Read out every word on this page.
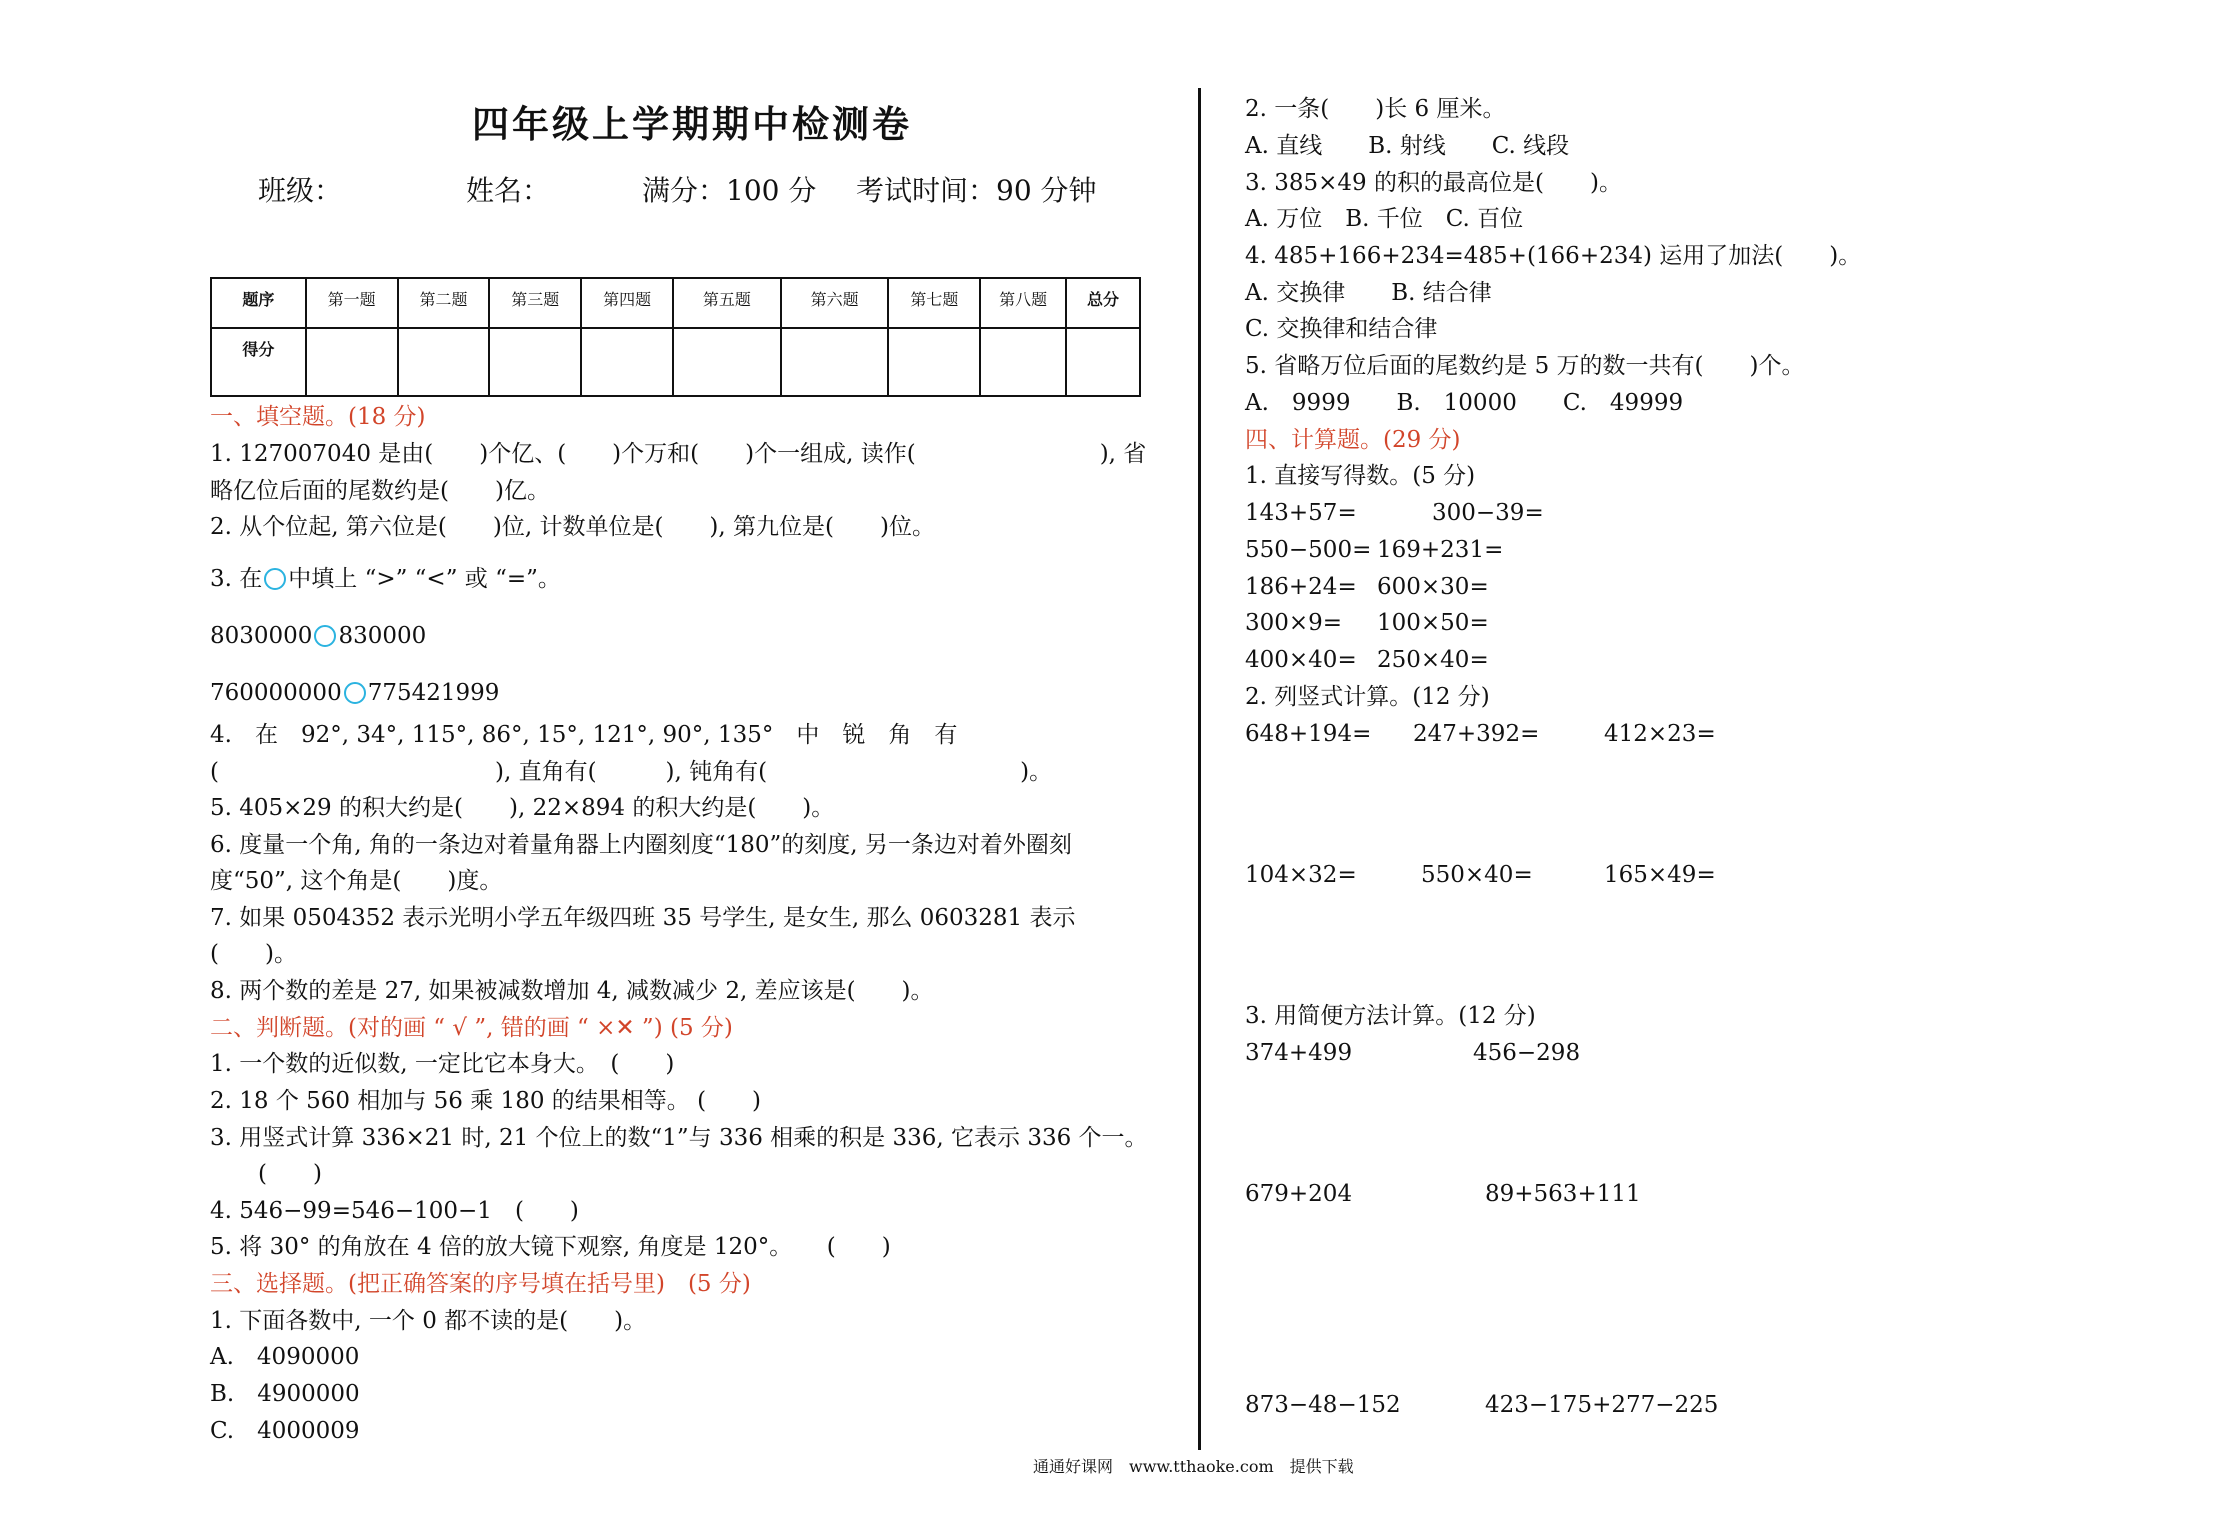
四年级上学期期中检测卷
班级：	姓名：	满分：100 分 考试时间：90 分钟
题序	第一题	第二题	第三题	第四题	第五题	第六题	第七题	第八题	总分
得分									
一、填空题。(18 分)
1. 127007040 是由(　　)个亿、(　　)个万和(　　)个一组成, 读作(　　　　　　　　), 省
略亿位后面的尾数约是(　　)亿。
2. 从个位起, 第六位是(　　)位, 计数单位是(　　), 第九位是(　　)位。
3. 在 中填上 “>” “<” 或 “=”。
8030000 830000
760000000 775421999
4.　在　92°, 34°, 115°, 86°, 15°, 121°, 90°, 135°　中　锐　角　有
(　　　　　　　　　　　　), 直角有(　　　), 钝角有(　　　　　　　　　　　)。
5. 405×29 的积大约是(　　), 22×894 的积大约是(　　)。
6. 度量一个角, 角的一条边对着量角器上内圈刻度“180”的刻度, 另一条边对着外圈刻
度“50”, 这个角是(　　)度。
7. 如果 0504352 表示光明小学五年级四班 35 号学生, 是女生, 那么 0603281 表示
(　　)。
8. 两个数的差是 27, 如果被减数增加 4, 减数减少 2, 差应该是(　　)。
二、判断题。(对的画 “ √ ”, 错的画 “ ×✕ ”) (5 分)
1. 一个数的近似数, 一定比它本身大。　(　　)
2. 18 个 560 相加与 56 乘 180 的结果相等。 (　　)
3. 用竖式计算 336×21 时, 21 个位上的数“1”与 336 相乘的积是 336, 它表示 336 个一。
(　　)
4. 546−99=546−100−1　(　　)
5. 将 30° 的角放在 4 倍的放大镜下观察, 角度是 120°。　　(　　)
三、选择题。(把正确答案的序号填在括号里)　(5 分)
1. 下面各数中, 一个 0 都不读的是(　　)。
A.　4090000
B.　4900000
C.　4000009
2. 一条(　　)长 6 厘米。
A. 直线　　B. 射线　　C. 线段
3. 385×49 的积的最高位是(　　)。
A. 万位　B. 千位　C. 百位
4. 485+166+234=485+(166+234) 运用了加法(　　)。
A. 交换律　　B. 结合律
C. 交换律和结合律
5. 省略万位后面的尾数约是 5 万的数一共有(　　)个。
A.　9999　　B.　10000　　C.　49999
四、计算题。(29 分)
1. 直接写得数。(5 分)
143+57=	300−39=
550−500= 169+231=
186+24= 600×30=
300×9= 100×50=
400×40= 250×40=
2. 列竖式计算。(12 分)
648+194= 247+392=	412×23=
104×32=	550×40=	165×49=
3. 用简便方法计算。(12 分)
374+499	456−298
679+204	89+563+111
873−48−152	423−175+277−225
通通好课网　www.tthaoke.com　提供下载
